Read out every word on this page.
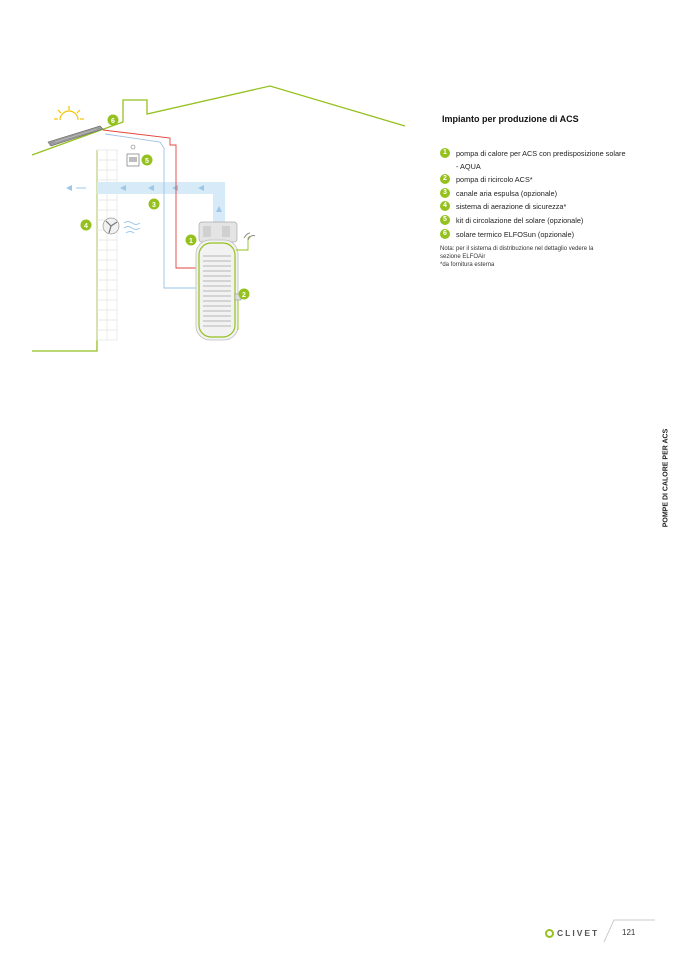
6
5
3
4
1
2
Impianto per produzione di ACS
1	pompa di calore per ACS con predisposizione solare
- AQUA
2	pompa di ricircolo ACS*
3	canale aria espulsa (opzionale)
4	sistema di aerazione di sicurezza*
5	kit di circolazione del solare (opzionale)
6	solare termico ELFOSun (opzionale)
Nota: per il sistema di distribuzione nel dettaglio vedere la
sezione ELFOAir
*da fornitura esterna
POMPE DI CALORE PER ACS
CLIVET	121
